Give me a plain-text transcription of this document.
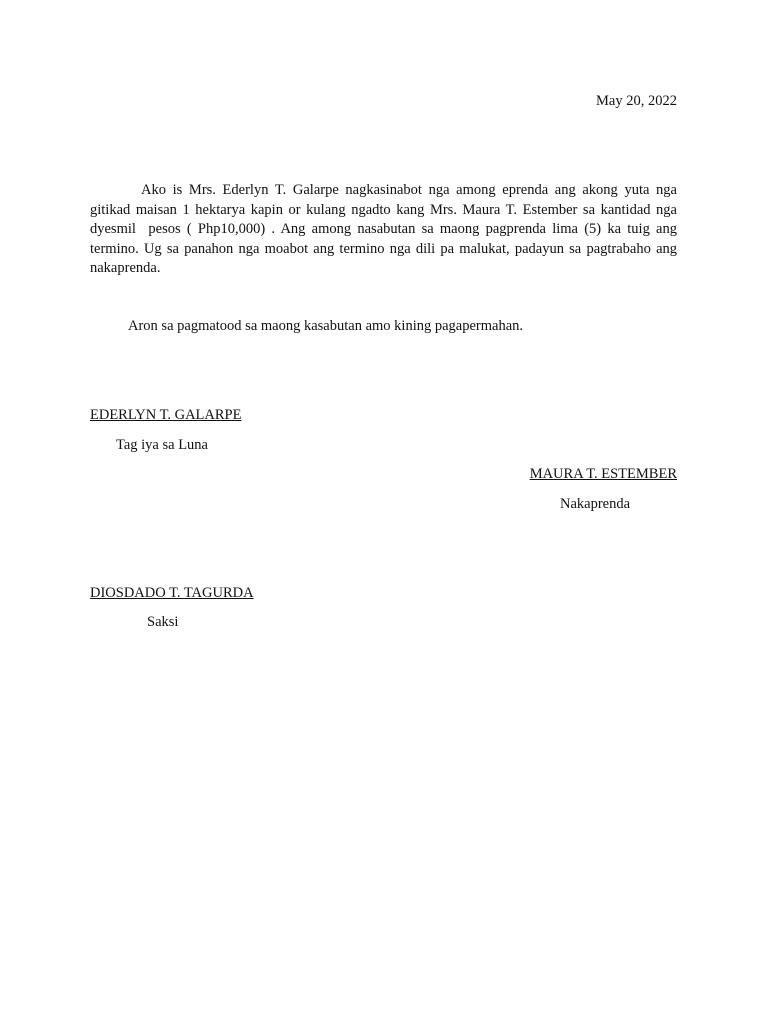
May 20, 2022

Ako is Mrs. Ederlyn T. Galarpe nagkasinabot nga among eprenda ang akong yuta nga gitikad maisan 1 hektarya kapin or kulang ngadto kang Mrs. Maura T. Estember sa kantidad nga dyesmil  pesos ( Php10,000) . Ang among nasabutan sa maong pagprenda lima (5) ka tuig ang termino. Ug sa panahon nga moabot ang termino nga dili pa malukat, padayun sa pagtrabaho ang nakaprenda.

Aron sa pagmatood sa maong kasabutan amo kining pagapermahan.
EDERLYN T. GALARPE
Tag iya sa Luna
MAURA T. ESTEMBER
Nakaprenda
DIOSDADO T. TAGURDA
Saksi
